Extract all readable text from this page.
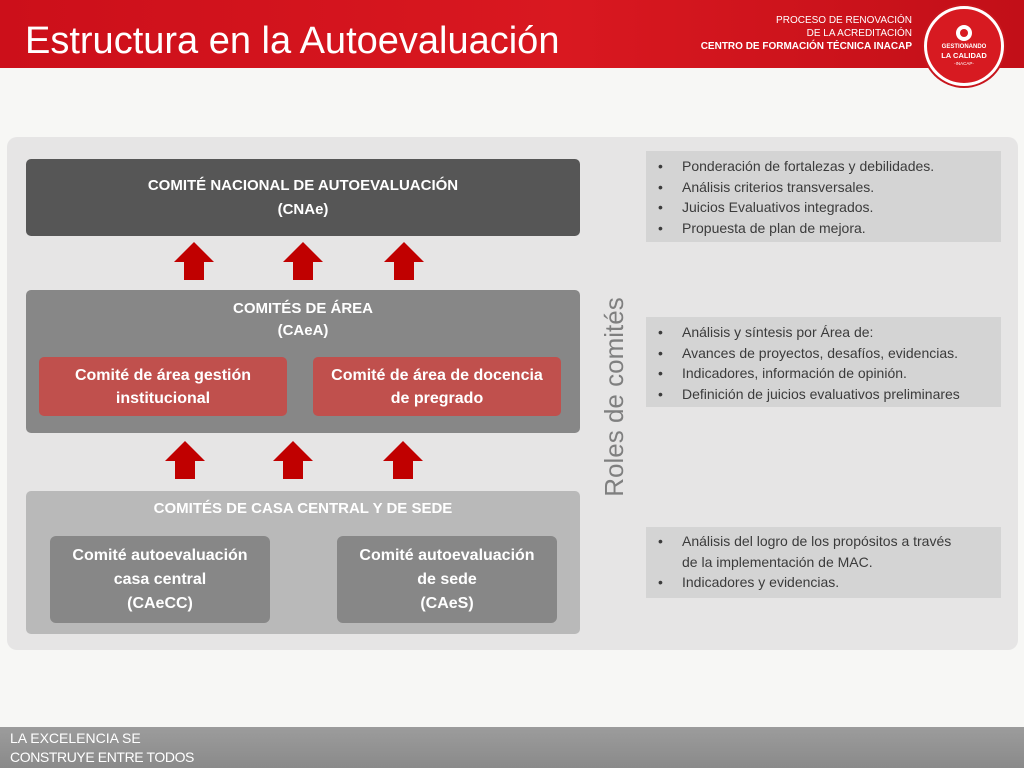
Estructura en la Autoevaluación	PROCESO DE RENOVACIÓN
DE LA ACREDITACIÓN
CENTRO DE FORMACIÓN TÉCNICA INACAP	GESTIONANDO
LA CALIDAD
-INACAP-
COMITÉ NACIONAL DE AUTOEVALUACIÓN
(CNAe)
COMITÉS DE ÁREA
(CAeA)
Comité de área gestión
institucional
Comité de área de docencia
de pregrado
COMITÉS DE CASA CENTRAL Y DE SEDE
Comité autoevaluación
casa central
(CAeCC)
Comité autoevaluación
de sede
(CAeS)
Roles de comités
• Ponderación de fortalezas y debilidades.
• Análisis criterios transversales.
• Juicios Evaluativos integrados.
• Propuesta de plan de mejora.
• Análisis y síntesis por Área de:
• Avances de proyectos, desafíos, evidencias.
• Indicadores, información de opinión.
• Definición de juicios evaluativos preliminares
• Análisis del logro de los propósitos a través
de la implementación de MAC.
• Indicadores y evidencias.
LA EXCELENCIA SE
CONSTRUYE ENTRE TODOS
